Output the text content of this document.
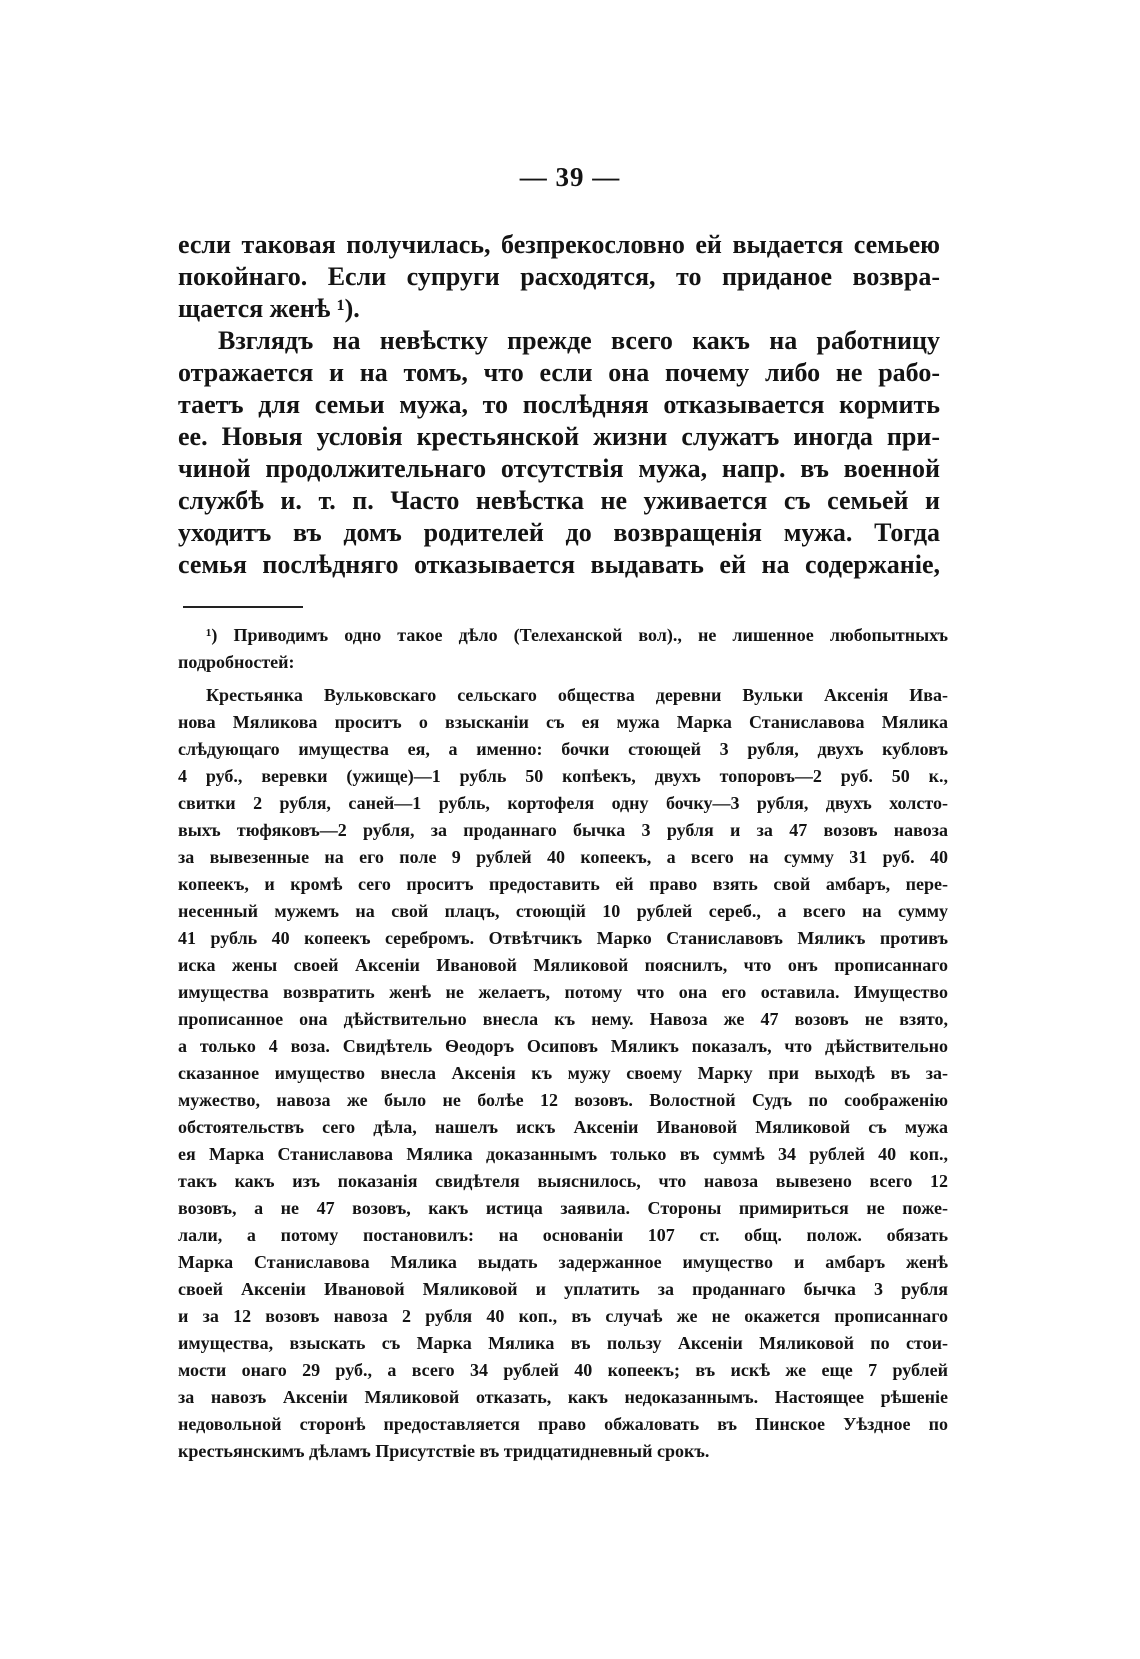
— 39 —
если таковая получилась, безпрекословно ей выдается семьею
покойнаго. Если супруги расходятся, то приданое возвра-
щается женѣ ¹).
Взглядъ на невѣстку прежде всего какъ на работницу
отражается и на томъ, что если она почему либо не рабо-
таетъ для семьи мужа, то послѣдняя отказывается кормить
ее. Новыя условія крестьянской жизни служатъ иногда при-
чиной продолжительнаго отсутствія мужа, напр. въ военной
службѣ и. т. п. Часто невѣстка не уживается съ семьей и
уходитъ въ домъ родителей до возвращенія мужа. Тогда
семья послѣдняго отказывается выдавать ей на содержаніе,
¹) Приводимъ одно такое дѣло (Телеханской вол)., не лишенное любопытныхъ
подробностей:
Крестьянка Вульковскаго сельскаго общества деревни Вульки Аксенія Ива-
нова Мяликова проситъ о взысканіи съ ея мужа Марка Станиславова Мялика
слѣдующаго имущества ея, а именно: бочки стоющей 3 рубля, двухъ кубловъ
4 руб., веревки (ужище)—1 рубль 50 копѣекъ, двухъ топоровъ—2 руб. 50 к.,
свитки 2 рубля, саней—1 рубль, кортофеля одну бочку—3 рубля, двухъ холсто-
выхъ тюфяковъ—2 рубля, за проданнаго бычка 3 рубля и за 47 возовъ навоза
за вывезенные на его поле 9 рублей 40 копеекъ, а всего на сумму 31 руб. 40
копеекъ, и кромѣ сего проситъ предоставить ей право взять свой амбаръ, пере-
несенный мужемъ на свой плацъ, стоющій 10 рублей сереб., а всего на сумму
41 рубль 40 копеекъ серебромъ. Отвѣтчикъ Марко Станиславовъ Мяликъ противъ
иска жены своей Аксеніи Ивановой Мяликовой пояснилъ, что онъ прописаннаго
имущества возвратить женѣ не желаетъ, потому что она его оставила. Имущество
прописанное она дѣйствительно внесла къ нему. Навоза же 47 возовъ не взято,
а только 4 воза. Свидѣтель Ѳеодоръ Осиповъ Мяликъ показалъ, что дѣйствительно
сказанное имущество внесла Аксенія къ мужу своему Марку при выходѣ въ за-
мужество, навоза же было не болѣе 12 возовъ. Волостной Судъ по соображенію
обстоятельствъ сего дѣла, нашелъ искъ Аксеніи Ивановой Мяликовой съ мужа
ея Марка Станиславова Мялика доказаннымъ только въ суммѣ 34 рублей 40 коп.,
такъ какъ изъ показанія свидѣтеля выяснилось, что навоза вывезено всего 12
возовъ, а не 47 возовъ, какъ истица заявила. Стороны примириться не поже-
лали, а потому постановилъ: на основаніи 107 ст. общ. полож. обязать
Марка Станиславова Мялика выдать задержанное имущество и амбаръ женѣ
своей Аксеніи Ивановой Мяликовой и уплатить за проданнаго бычка 3 рубля
и за 12 возовъ навоза 2 рубля 40 коп., въ случаѣ же не окажется прописаннаго
имущества, взыскать съ Марка Мялика въ пользу Аксеніи Мяликовой по стои-
мости онаго 29 руб., а всего 34 рублей 40 копеекъ; въ искѣ же еще 7 рублей
за навозъ Аксеніи Мяликовой отказать, какъ недоказаннымъ. Настоящее рѣшеніе
недовольной сторонѣ предоставляется право обжаловать въ Пинское Уѣздное по
крестьянскимъ дѣламъ Присутствіе въ тридцатидневный срокъ.
